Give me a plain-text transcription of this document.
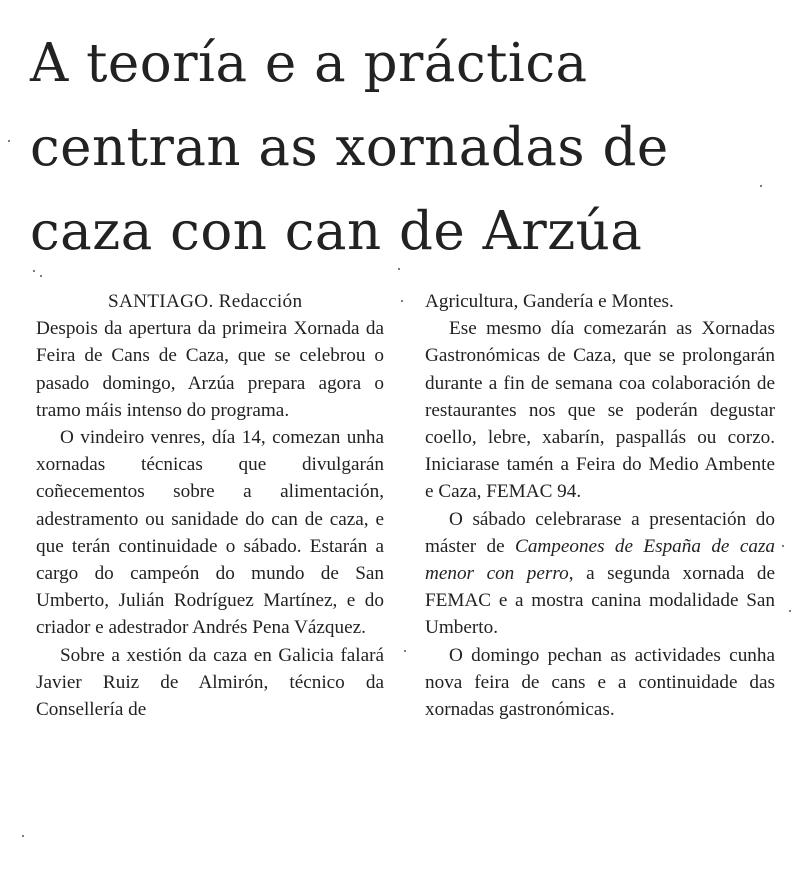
A teoría e a práctica
centran as xornadas de
caza con can de Arzúa

SANTIAGO. Redacción

Despois da apertura da primeira Xornada da Feira de Cans de Caza, que se celebrou o pasado domingo, Arzúa prepara agora o tramo máis intenso do programa.

O vindeiro venres, día 14, comezan unha xornadas técnicas que divulgarán coñecementos sobre a alimentación, adestramento ou sanidade do can de caza, e que terán continuidade o sábado. Estarán a cargo do campeón do mundo de San Umberto, Julián Rodríguez Martínez, e do criador e adestrador Andrés Pena Vázquez.

Sobre a xestión da caza en Galicia falará Javier Ruiz de Almirón, técnico da Consellería de

Agricultura, Gandería e Montes.

Ese mesmo día comezarán as Xornadas Gastronómicas de Caza, que se prolongarán durante a fin de semana coa colaboración de restaurantes nos que se poderán degustar coello, lebre, xabarín, paspallás ou corzo. Iniciarase tamén a Feira do Medio Ambente e Caza, FEMAC 94.

O sábado celebrarase a presentación do máster de Campeones de España de caza menor con perro, a segunda xornada de FEMAC e a mostra canina modalidade San Umberto.

O domingo pechan as actividades cunha nova feira de cans e a continuidade das xornadas gastronómicas.
